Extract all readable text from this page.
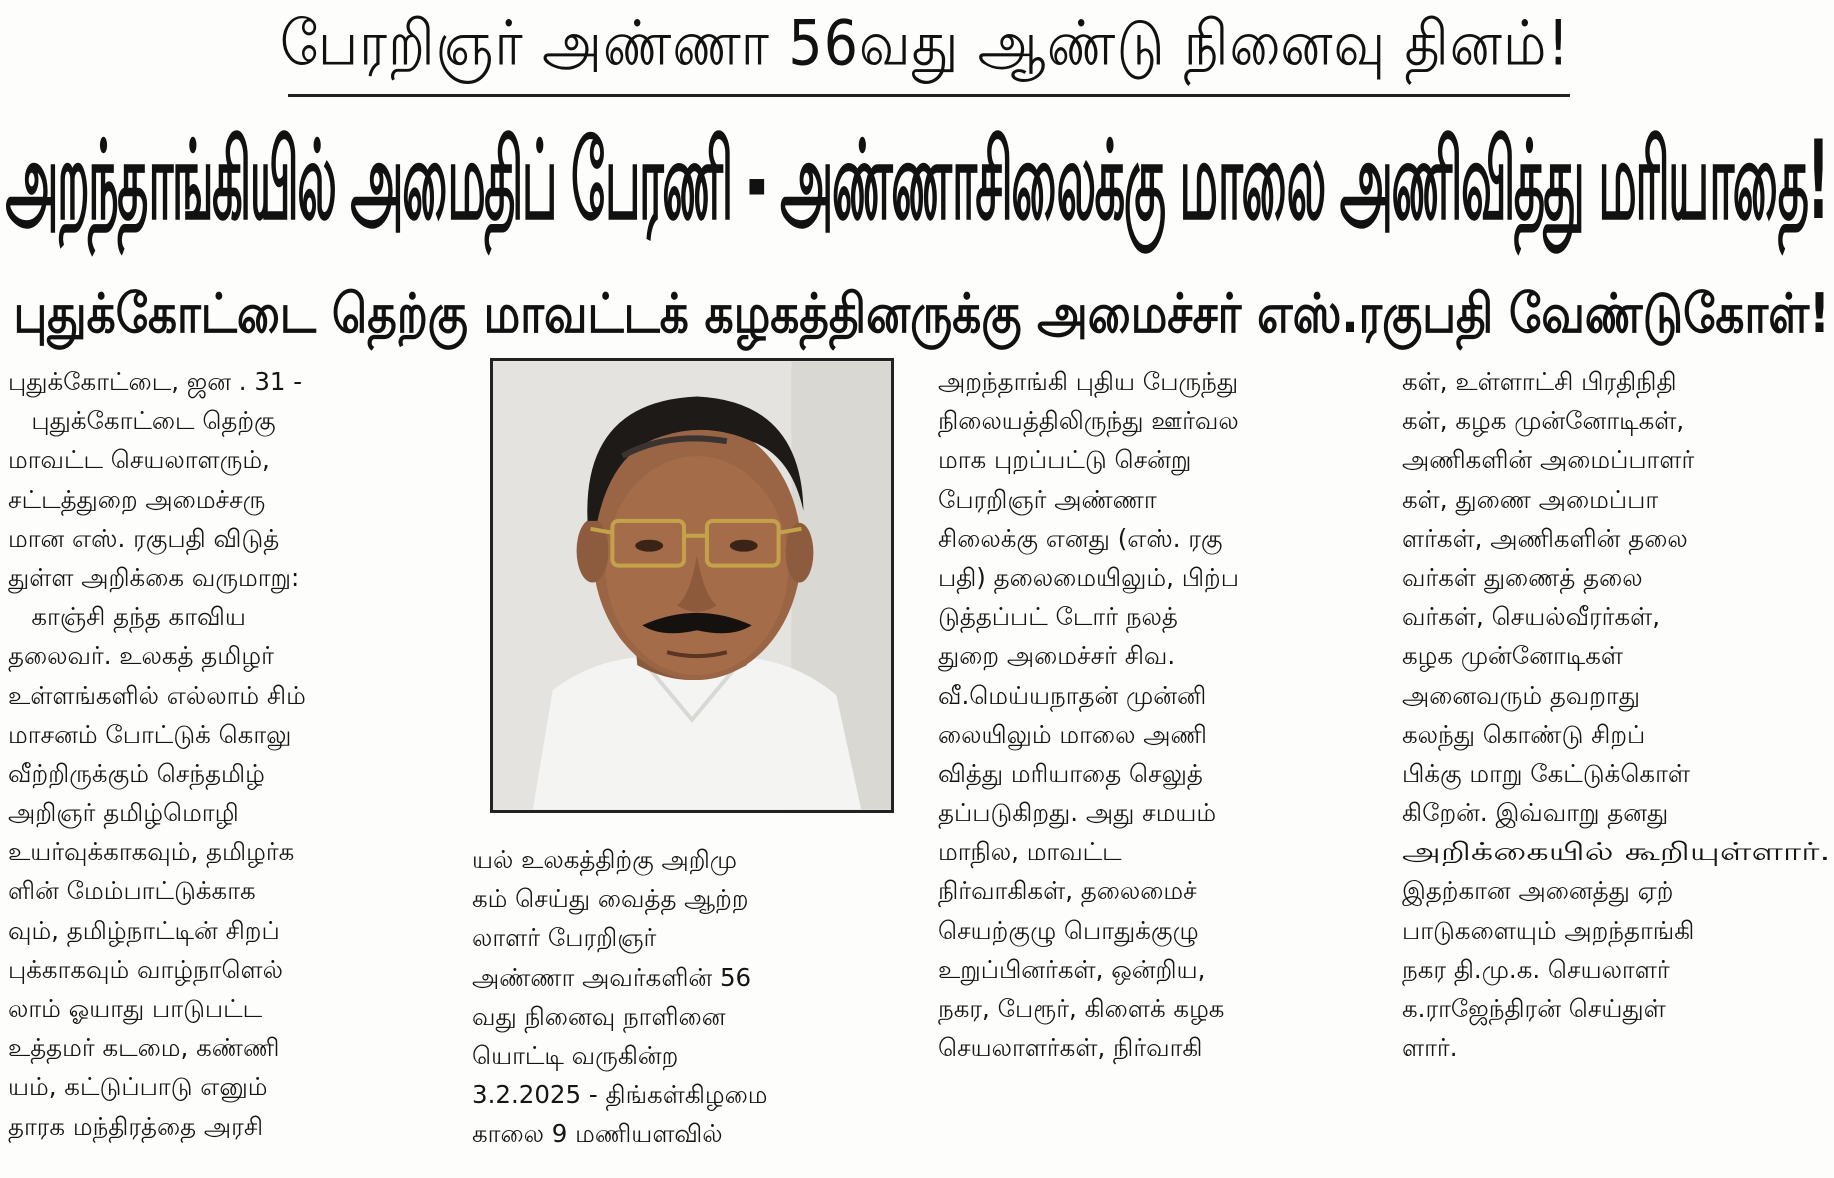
பேரறிஞர் அண்ணா 56வது ஆண்டு நினைவு தினம்!
அறந்தாங்கியில் அமைதிப் பேரணி - அண்ணாசிலைக்கு மாலை அணிவித்து மரியாதை!
புதுக்கோட்டை தெற்கு மாவட்டக் கழகத்தினருக்கு அமைச்சர் எஸ்.ரகுபதி வேண்டுகோள்!
புதுக்கோட்டை, ஜன . 31 -
புதுக்கோட்டை தெற்கு
மாவட்ட செயலாளரும்,
சட்டத்துறை அமைச்சரு
மான எஸ். ரகுபதி விடுத்
துள்ள அறிக்கை வருமாறு:
காஞ்சி தந்த காவிய
தலைவர். உலகத் தமிழர்
உள்ளங்களில் எல்லாம் சிம்
மாசனம் போட்டுக் கொலு
வீற்றிருக்கும் செந்தமிழ்
அறிஞர் தமிழ்மொழி
உயர்வுக்காகவும், தமிழர்க
ளின் மேம்பாட்டுக்காக
வும், தமிழ்நாட்டின் சிறப்
புக்காகவும் வாழ்நாளெல்
லாம் ஓயாது பாடுபட்ட
உத்தமர் கடமை, கண்ணி
யம், கட்டுப்பாடு எனும்
தாரக மந்திரத்தை அரசி
யல் உலகத்திற்கு அறிமு
கம் செய்து வைத்த ஆற்ற
லாளர் பேரறிஞர்
அண்ணா அவர்களின் 56
வது நினைவு நாளினை
யொட்டி வருகின்ற
3.2.2025 - திங்கள்கிழமை
காலை 9 மணியளவில்
அறந்தாங்கி புதிய பேருந்து
நிலையத்திலிருந்து ஊர்வல
மாக புறப்பட்டு சென்று
பேரறிஞர் அண்ணா
சிலைக்கு எனது (எஸ். ரகு
பதி) தலைமையிலும், பிற்ப
டுத்தப்பட் டோர் நலத்
துறை அமைச்சர் சிவ.
வீ.மெய்யநாதன் முன்னி
லையிலும் மாலை அணி
வித்து மரியாதை செலுத்
தப்படுகிறது. அது சமயம்
மாநில, மாவட்ட
நிர்வாகிகள், தலைமைச்
செயற்குழு பொதுக்குழு
உறுப்பினர்கள், ஒன்றிய,
நகர, பேரூர், கிளைக் கழக
செயலாளர்கள், நிர்வாகி
கள், உள்ளாட்சி பிரதிநிதி
கள், கழக முன்னோடிகள்,
அணிகளின் அமைப்பாளர்
கள், துணை அமைப்பா
ளர்கள், அணிகளின் தலை
வர்கள் துணைத் தலை
வர்கள், செயல்வீரர்கள்,
கழக முன்னோடிகள்
அனைவரும் தவறாது
கலந்து கொண்டு சிறப்
பிக்கு மாறு கேட்டுக்கொள்
கிறேன். இவ்வாறு தனது
அறிக்கையில் கூறியுள்ளார்.
இதற்கான அனைத்து ஏற்
பாடுகளையும் அறந்தாங்கி
நகர தி.மு.க. செயலாளர்
க.ராஜேந்திரன் செய்துள்
ளார்.
